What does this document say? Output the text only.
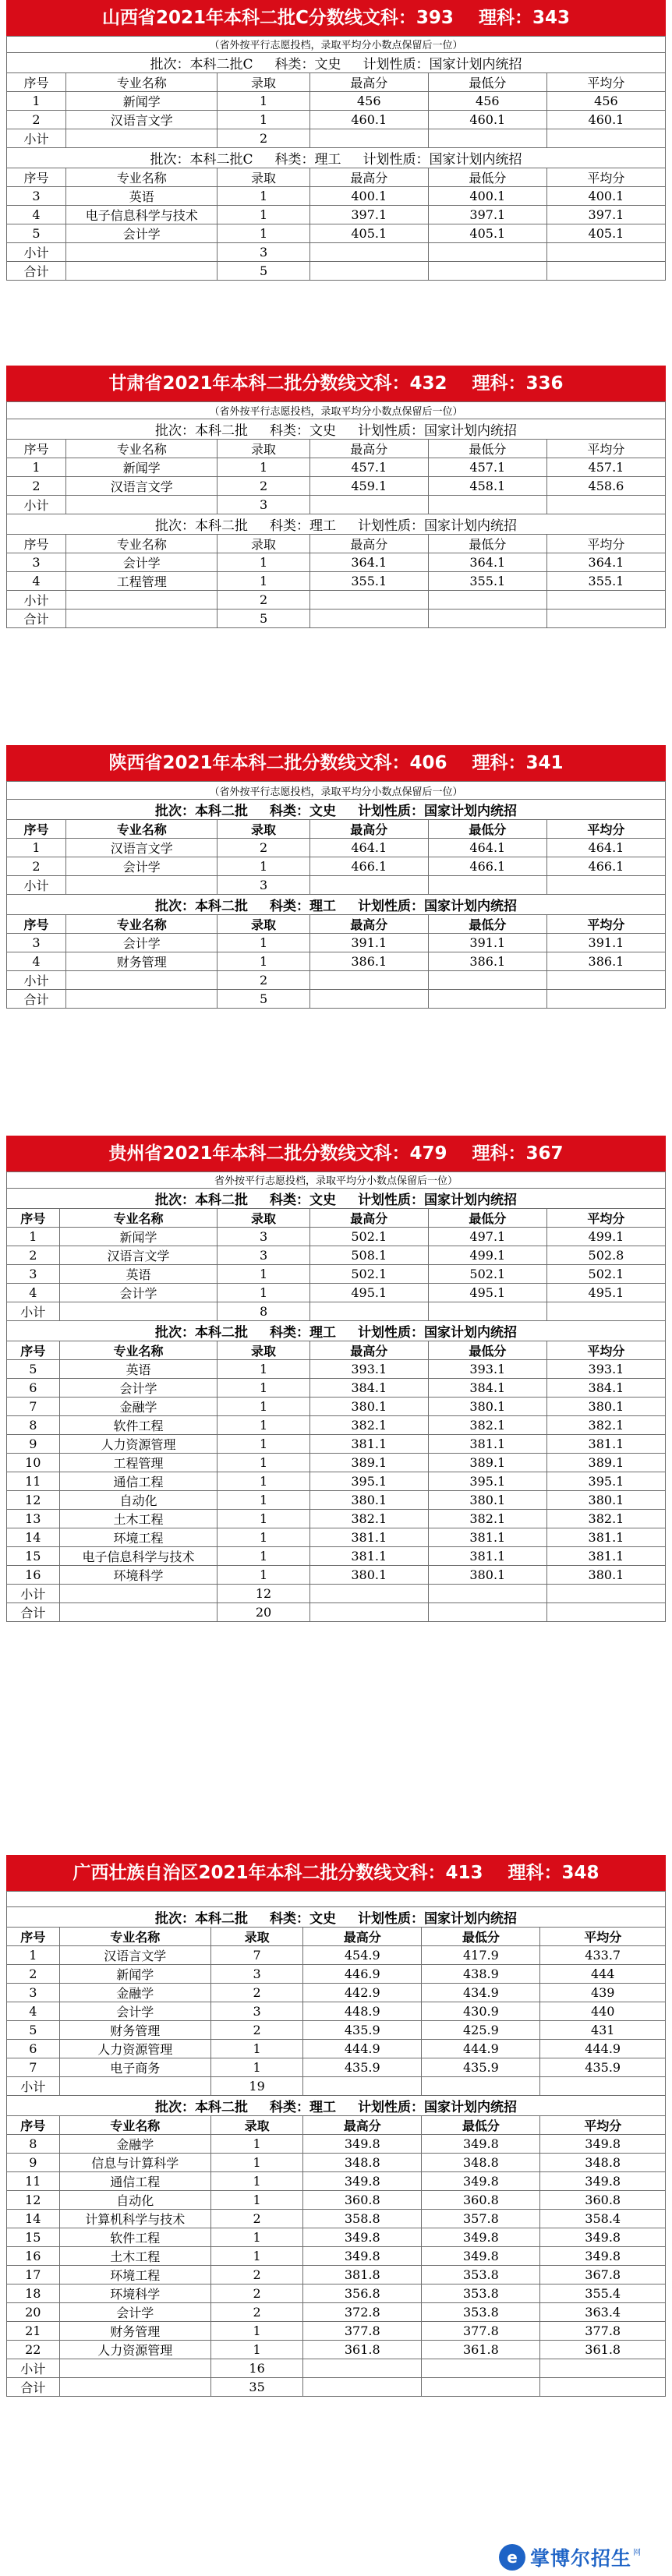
山西省2021年本科二批C分数线文科：393    理科：343
（省外按平行志愿投档，录取平均分小数点保留后一位）					
批次：本科二批C 科类：文史 计划性质：国家计划内统招					
序号	专业名称	录取	最高分	最低分	平均分
1	新闻学	1	456	456	456
2	汉语言文学	1	460.1	460.1	460.1
小计		2			
批次：本科二批C 科类：理工 计划性质：国家计划内统招					
序号	专业名称	录取	最高分	最低分	平均分
3	英语	1	400.1	400.1	400.1
4	电子信息科学与技术	1	397.1	397.1	397.1
5	会计学	1	405.1	405.1	405.1
小计		3			
合计		5			
甘肃省2021年本科二批分数线文科：432    理科：336
（省外按平行志愿投档，录取平均分小数点保留后一位）					
批次：本科二批 科类：文史 计划性质：国家计划内统招					
序号	专业名称	录取	最高分	最低分	平均分
1	新闻学	1	457.1	457.1	457.1
2	汉语言文学	2	459.1	458.1	458.6
小计		3			
批次：本科二批 科类：理工 计划性质：国家计划内统招					
序号	专业名称	录取	最高分	最低分	平均分
3	会计学	1	364.1	364.1	364.1
4	工程管理	1	355.1	355.1	355.1
小计		2			
合计		5			
陕西省2021年本科二批分数线文科：406    理科：341
（省外按平行志愿投档，录取平均分小数点保留后一位）					
批次：本科二批 科类：文史 计划性质：国家计划内统招					
序号	专业名称	录取	最高分	最低分	平均分
1	汉语言文学	2	464.1	464.1	464.1
2	会计学	1	466.1	466.1	466.1
小计		3			
批次：本科二批 科类：理工 计划性质：国家计划内统招					
序号	专业名称	录取	最高分	最低分	平均分
3	会计学	1	391.1	391.1	391.1
4	财务管理	1	386.1	386.1	386.1
小计		2			
合计		5			
贵州省2021年本科二批分数线文科：479    理科：367
省外按平行志愿投档，录取平均分小数点保留后一位）					
批次：本科二批 科类：文史 计划性质：国家计划内统招					
序号	专业名称	录取	最高分	最低分	平均分
1	新闻学	3	502.1	497.1	499.1
2	汉语言文学	3	508.1	499.1	502.8
3	英语	1	502.1	502.1	502.1
4	会计学	1	495.1	495.1	495.1
小计		8			
批次：本科二批 科类：理工 计划性质：国家计划内统招					
序号	专业名称	录取	最高分	最低分	平均分
5	英语	1	393.1	393.1	393.1
6	会计学	1	384.1	384.1	384.1
7	金融学	1	380.1	380.1	380.1
8	软件工程	1	382.1	382.1	382.1
9	人力资源管理	1	381.1	381.1	381.1
10	工程管理	1	389.1	389.1	389.1
11	通信工程	1	395.1	395.1	395.1
12	自动化	1	380.1	380.1	380.1
13	土木工程	1	382.1	382.1	382.1
14	环境工程	1	381.1	381.1	381.1
15	电子信息科学与技术	1	381.1	381.1	381.1
16	环境科学	1	380.1	380.1	380.1
小计		12			
合计		20			
广西壮族自治区2021年本科二批分数线文科：413    理科：348

批次：本科二批 科类：文史 计划性质：国家计划内统招					
序号	专业名称	录取	最高分	最低分	平均分
1	汉语言文学	7	454.9	417.9	433.7
2	新闻学	3	446.9	438.9	444
3	金融学	2	442.9	434.9	439
4	会计学	3	448.9	430.9	440
5	财务管理	2	435.9	425.9	431
6	人力资源管理	1	444.9	444.9	444.9
7	电子商务	1	435.9	435.9	435.9
小计		19			
批次：本科二批 科类：理工 计划性质：国家计划内统招					
序号	专业名称	录取	最高分	最低分	平均分
8	金融学	1	349.8	349.8	349.8
9	信息与计算科学	1	348.8	348.8	348.8
11	通信工程	1	349.8	349.8	349.8
12	自动化	1	360.8	360.8	360.8
14	计算机科学与技术	2	358.8	357.8	358.4
15	软件工程	1	349.8	349.8	349.8
16	土木工程	1	349.8	349.8	349.8
17	环境工程	2	381.8	353.8	367.8
18	环境科学	2	356.8	353.8	355.4
20	会计学	2	372.8	353.8	363.4
21	财务管理	1	377.8	377.8	377.8
22	人力资源管理	1	361.8	361.8	361.8
小计		16			
合计		35			
e 掌博尔招生 网
